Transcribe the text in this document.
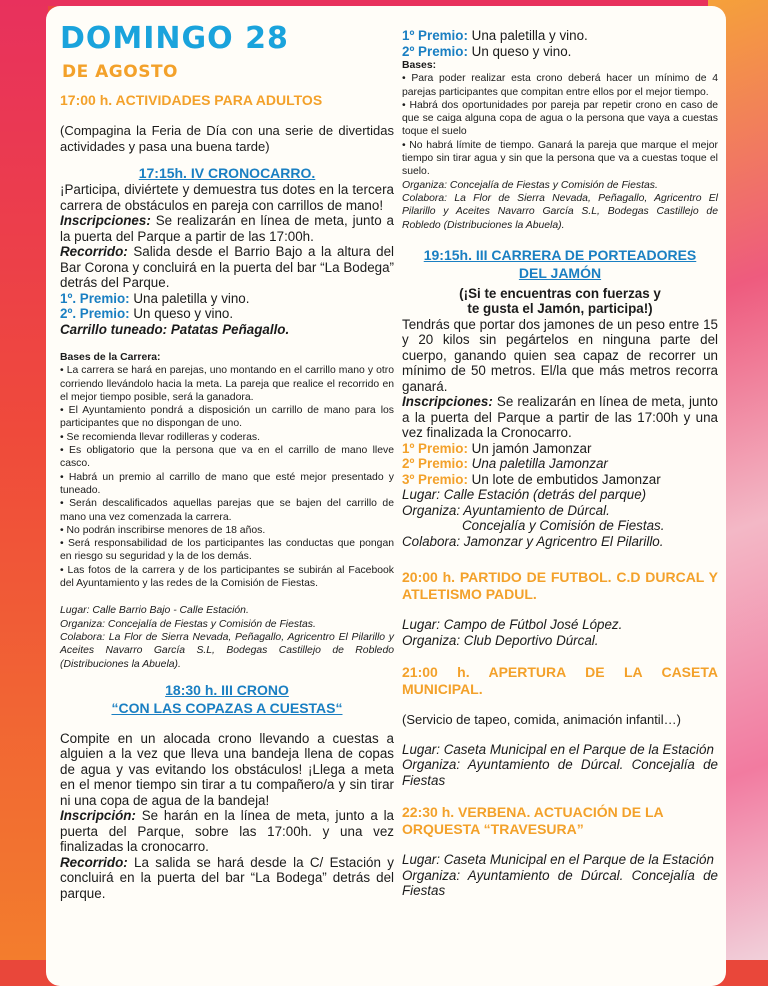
DOMINGO 28
DE AGOSTO
17:00 h. ACTIVIDADES PARA ADULTOS

(Compagina la Feria de Día con una serie de divertidas actividades y pasa una buena tarde)

17:15h. IV CRONOCARRO.

¡Participa, diviértete y demuestra tus dotes en la tercera carrera de obstáculos en pareja con carrillos de mano!

Inscripciones: Se realizarán en línea de meta, junto a la puerta del Parque a partir de las 17:00h.

Recorrido: Salida desde el Barrio Bajo a la altura del Bar Corona y concluirá en la puerta del bar “La Bodega” detrás del Parque.

1º. Premio: Una paletilla y vino.

2º. Premio: Un queso y vino.

Carrillo tuneado: Patatas Peñagallo.

Bases de la Carrera:

• La carrera se hará en parejas, uno montando en el carrillo mano y otro corriendo llevándolo hacia la meta. La pareja que realice el recorrido en el mejor tiempo posible, será la ganadora.

• El Ayuntamiento pondrá a disposición un carrillo de mano para los participantes que no dispongan de uno.

• Se recomienda llevar rodilleras y coderas.

• Es obligatorio que la persona que va en el carrillo de mano lleve casco.

• Habrá un premio al carrillo de mano que esté mejor presentado y tuneado.

• Serán descalificados aquellas parejas que se bajen del carrillo de mano una vez comenzada la carrera.

• No podrán inscribirse menores de 18 años.

• Será responsabilidad de los participantes las conductas que pongan en riesgo su seguridad y la de los demás.

• Las fotos de la carrera y de los participantes se subirán al Facebook del Ayuntamiento y las redes de la Comisión de Fiestas.

Lugar: Calle Barrio Bajo - Calle Estación.

Organiza: Concejalía de Fiestas y Comisión de Fiestas.

Colabora: La Flor de Sierra Nevada, Peñagallo, Agricentro El Pilarillo y Aceites Navarro García S.L, Bodegas Castillejo de Robledo (Distribuciones la Abuela).

18:30 h. III CRONO
“CON LAS COPAZAS A CUESTAS“

Compite en un alocada crono llevando a cuestas a alguien a la vez que lleva una bandeja llena de copas de agua y vas evitando los obstáculos! ¡Llega a meta en el menor tiempo sin tirar a tu compañero/a y sin tirar ni una copa de agua de la bandeja!

Inscripción: Se harán en la línea de meta, junto a la puerta del Parque, sobre las 17:00h. y una vez finalizadas la cronocarro.

Recorrido: La salida se hará desde la C/ Estación y concluirá en la puerta del bar “La Bodega” detrás del parque.

1º Premio: Una paletilla y vino.

2º Premio: Un queso y vino.

Bases:

• Para poder realizar esta crono deberá hacer un mínimo de 4 parejas participantes que compitan entre ellos por el mejor tiempo.

• Habrá dos oportunidades por pareja par repetir crono en caso de que se caiga alguna copa de agua o la persona que vaya a cuestas toque el suelo

• No habrá límite de tiempo. Ganará la pareja que marque el mejor tiempo sin tirar agua y sin que la persona que va a cuestas toque el suelo.

Organiza: Concejalía de Fiestas y Comisión de Fiestas.

Colabora: La Flor de Sierra Nevada, Peñagallo, Agricentro El Pilarillo y Aceites Navarro García S.L, Bodegas Castillejo de Robledo (Distribuciones la Abuela).

19:15h. III CARRERA DE PORTEADORES
DEL JAMÓN
(¡Si te encuentras con fuerzas y
te gusta el Jamón, participa!)

Tendrás que portar dos jamones de un peso entre 15 y 20 kilos sin pegártelos en ninguna parte del cuerpo, ganando quien sea capaz de recorrer un mínimo de 50 metros. El/la que más metros recorra ganará.

Inscripciones: Se realizarán en línea de meta, junto a la puerta del Parque a partir de las 17:00h y una vez finalizada la Cronocarro.

1º Premio: Un jamón Jamonzar

2º Premio: Una paletilla Jamonzar

3º Premio: Un lote de embutidos Jamonzar

Lugar: Calle Estación (detrás del parque)

Organiza: Ayuntamiento de Dúrcal.

Concejalía y Comisión de Fiestas.

Colabora: Jamonzar y Agricentro El Pilarillo.

20:00 h. PARTIDO DE FUTBOL. C.D DURCAL Y ATLETISMO PADUL.

Lugar: Campo de Fútbol José López.

Organiza: Club Deportivo Dúrcal.

21:00 h. APERTURA DE LA CASETA MUNICIPAL.

(Servicio de tapeo, comida, animación infantil…)

Lugar: Caseta Municipal en el Parque de la Estación

Organiza: Ayuntamiento de Dúrcal. Concejalía de Fiestas

22:30 h. VERBENA. ACTUACIÓN DE LA ORQUESTA “TRAVESURA”

Lugar: Caseta Municipal en el Parque de la Estación

Organiza: Ayuntamiento de Dúrcal. Concejalía de Fiestas
